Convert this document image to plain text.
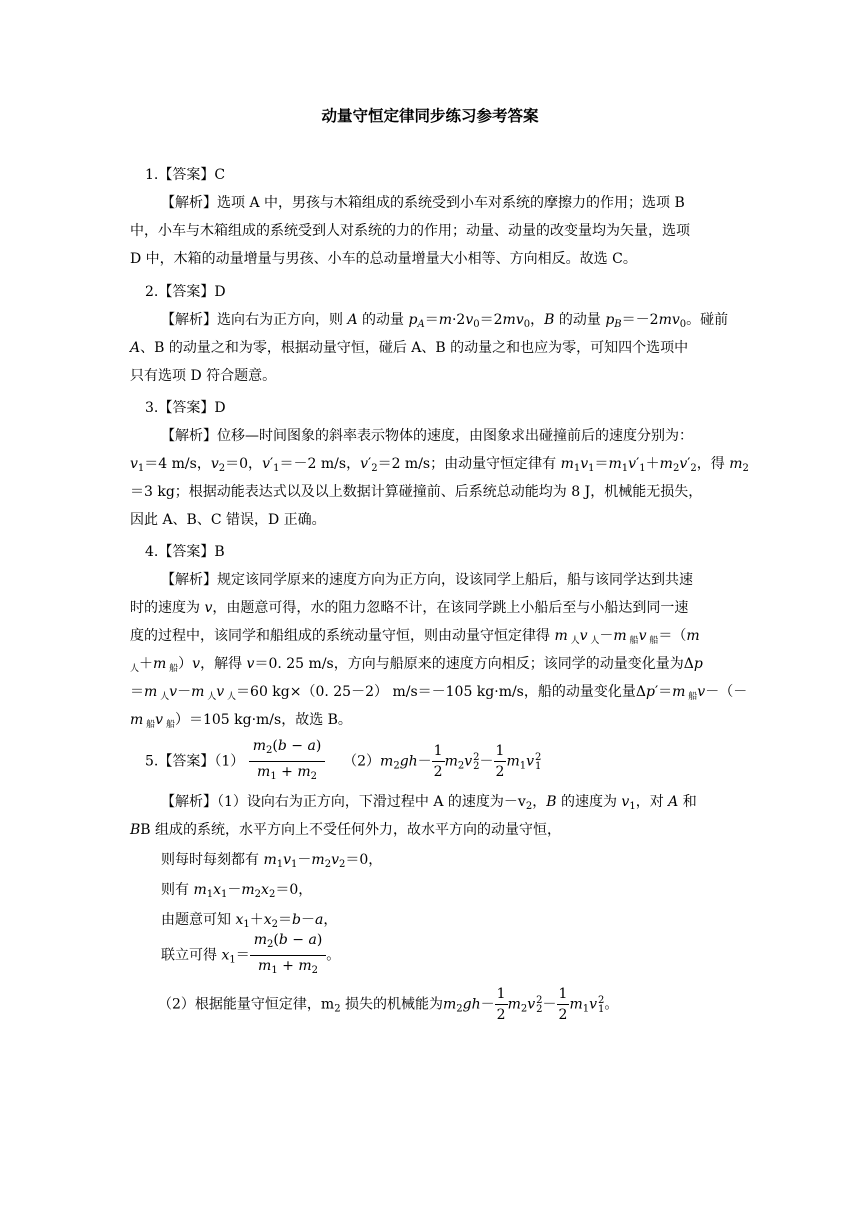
动量守恒定律同步练习参考答案
1.【答案】C
【解析】选项 A 中，男孩与木箱组成的系统受到小车对系统的摩擦力的作用；选项 B
中，小车与木箱组成的系统受到人对系统的力的作用；动量、动量的改变量均为矢量，选项
D 中，木箱的动量增量与男孩、小车的总动量增量大小相等、方向相反。故选 C。
2.【答案】D
【解析】选向右为正方向，则 A 的动量 $p_A=m\cdot 2v_0=2mv_0$，B 的动量 $p_B=-2mv_0$。碰前
A、B 的动量之和为零，根据动量守恒，碰后 A、B 的动量之和也应为零，可知四个选项中
只有选项 D 符合题意。
3.【答案】D
【解析】位移—时间图象的斜率表示物体的速度，由图象求出碰撞前后的速度分别为：
$v_1=4$ m/s，$v_2=0$，$v'_1=-2$ m/s，$v'_2=2$ m/s；由动量守恒定律有 $m_1v_1=m_1v'_1+m_2v'_2$，得 $m_2$
＝3 kg；根据动能表达式以及以上数据计算碰撞前、后系统总动能均为 8 J，机械能无损失，
因此 A、B、C 错误，D 正确。
4.【答案】B
【解析】规定该同学原来的速度方向为正方向，设该同学上船后，船与该同学达到共速
时的速度为 v，由题意可得，水的阻力忽略不计，在该同学跳上小船后至与小船达到同一速
度的过程中，该同学和船组成的系统动量守恒，则由动量守恒定律得 m $_人$v $_人$－m $_船$v $_船$＝（m
$_人$＋m $_船$）v，解得 v＝0. 25 m/s，方向与船原来的速度方向相反；该同学的动量变化量为Δp
＝m $_人$v－m $_人$v $_人$＝60 kg×（0. 25－2） m/s＝－105 kg·m/s，船的动量变化量Δp′＝m $_船$v－（－
m $_船$v $_船$）＝105 kg·m/s，故选 B。
5.【答案】$(1) \frac{m_2(b - a)}{m_1 + m_2} (2)m_2gh- \frac{1}{2} m_2v$ 2
$2 - \frac{1}{2} m_1v$ 2
1
【解析】（1）设向右为正方向，下滑过程中 A 的速度为$-v_2$，B 的速度为 $v_1$，对 A 和
BB 组成的系统，水平方向上不受任何外力，故水平方向的动量守恒，
则每时每刻都有 $m_1v_1-m_2v_2=0$，
则有 $m_1x_1-m_2x_2=0$，
由题意可知 $x_1+x_2=b-a$，
联立可得 $x_1= \frac{m_2(b - a)}{m_1 + m_2}$ 。
（2）根据能量守恒定律，$m_2$ 损失的机械能为$m_2gh- \frac{1}{2} m_2v$ 2
$2 - \frac{1}{2} m_1v$ 2
1 。
